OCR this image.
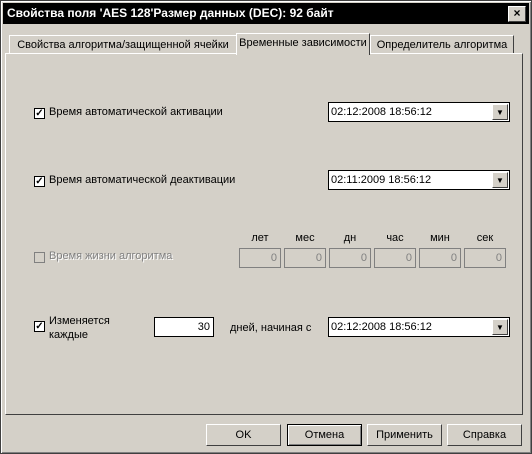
Свойства поля 'AES 128'Размер данных (DEC): 92 байт	×
Свойства алгоритма/защищенной ячейки Временные зависимости Определитель алгоритма
✓ Время автоматической активации	02:12:2008 18:56:12	▼
✓ Время автоматической деактивации	02:11:2009 18:56:12	▼
Время жизни алгоритма
лет	мес	дн	час	мин	сек
0	0	0	0	0	0
✓ Изменяется
каждые
30 дней, начиная с 02:12:2008 18:56:12	▼
OK	Отмена	Применить	Справка
